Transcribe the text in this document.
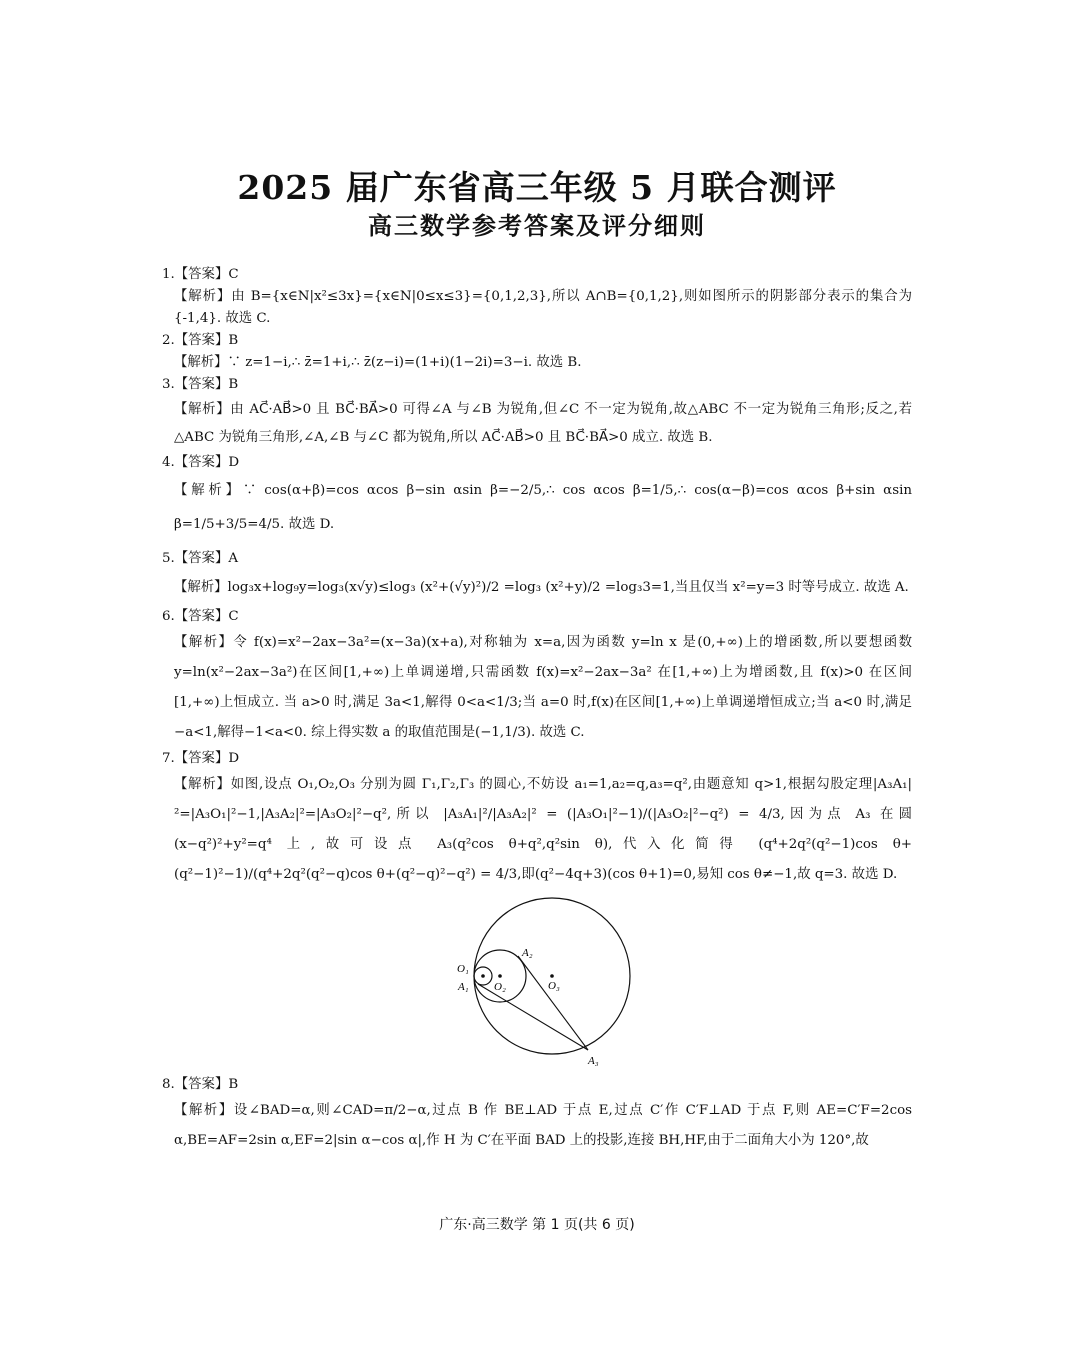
2025 届广东省高三年级 5 月联合测评
高三数学参考答案及评分细则
1.【答案】C
【解析】由 B={x∈N|x²≤3x}={x∈N|0≤x≤3}={0,1,2,3},所以 A∩B={0,1,2},则如图所示的阴影部分表示的集合为{-1,4}. 故选 C.
2.【答案】B
【解析】∵ z=1−i,∴ z̄=1+i,∴ z̄(z−i)=(1+i)(1−2i)=3−i. 故选 B.
3.【答案】B
【解析】由 AC⃗·AB⃗>0 且 BC⃗·BA⃗>0 可得∠A 与∠B 为锐角,但∠C 不一定为锐角,故△ABC 不一定为锐角三角形;反之,若△ABC 为锐角三角形,∠A,∠B 与∠C 都为锐角,所以 AC⃗·AB⃗>0 且 BC⃗·BA⃗>0 成立. 故选 B.
4.【答案】D
【解析】∵ cos(α+β)=cos αcos β−sin αsin β=−2/5,∴ cos αcos β=1/5,∴ cos(α−β)=cos αcos β+sin αsin β=1/5+3/5=4/5. 故选 D.
5.【答案】A
【解析】log₃x+log₉y=log₃(x√y)≤log₃ (x²+(√y)²)/2 =log₃ (x²+y)/2 =log₃3=1,当且仅当 x²=y=3 时等号成立. 故选 A.
6.【答案】C
【解析】令 f(x)=x²−2ax−3a²=(x−3a)(x+a),对称轴为 x=a,因为函数 y=ln x 是(0,+∞)上的增函数,所以要想函数 y=ln(x²−2ax−3a²)在区间[1,+∞)上单调递增,只需函数 f(x)=x²−2ax−3a² 在[1,+∞)上为增函数,且 f(x)>0 在区间[1,+∞)上恒成立. 当 a>0 时,满足 3a<1,解得 0<a<1/3;当 a=0 时,f(x)在区间[1,+∞)上单调递增恒成立;当 a<0 时,满足−a<1,解得−1<a<0. 综上得实数 a 的取值范围是(−1,1/3). 故选 C.
7.【答案】D
【解析】如图,设点 O₁,O₂,O₃ 分别为圆 Γ₁,Γ₂,Γ₃ 的圆心,不妨设 a₁=1,a₂=q,a₃=q²,由题意知 q>1,根据勾股定理|A₃A₁|²=|A₃O₁|²−1,|A₃A₂|²=|A₃O₂|²−q²,所以 |A₃A₁|²/|A₃A₂|² = (|A₃O₁|²−1)/(|A₃O₂|²−q²) = 4/3,因为点 A₃ 在圆(x−q²)²+y²=q⁴ 上,故可设点 A₃(q²cos θ+q²,q²sin θ),代入化简得 (q⁴+2q²(q²−1)cos θ+(q²−1)²−1)/(q⁴+2q²(q²−q)cos θ+(q²−q)²−q²) = 4/3,即(q²−4q+3)(cos θ+1)=0,易知 cos θ≠−1,故 q=3. 故选 D.
O₁
O₂	O₃
A₁
A₂
A₃
8.【答案】B
【解析】设∠BAD=α,则∠CAD=π/2−α,过点 B 作 BE⊥AD 于点 E,过点 C′作 C′F⊥AD 于点 F,则 AE=C′F=2cos α,BE=AF=2sin α,EF=2|sin α−cos α|,作 H 为 C′在平面 BAD 上的投影,连接 BH,HF,由于二面角大小为 120°,故
广东·高三数学 第 1 页(共 6 页)
